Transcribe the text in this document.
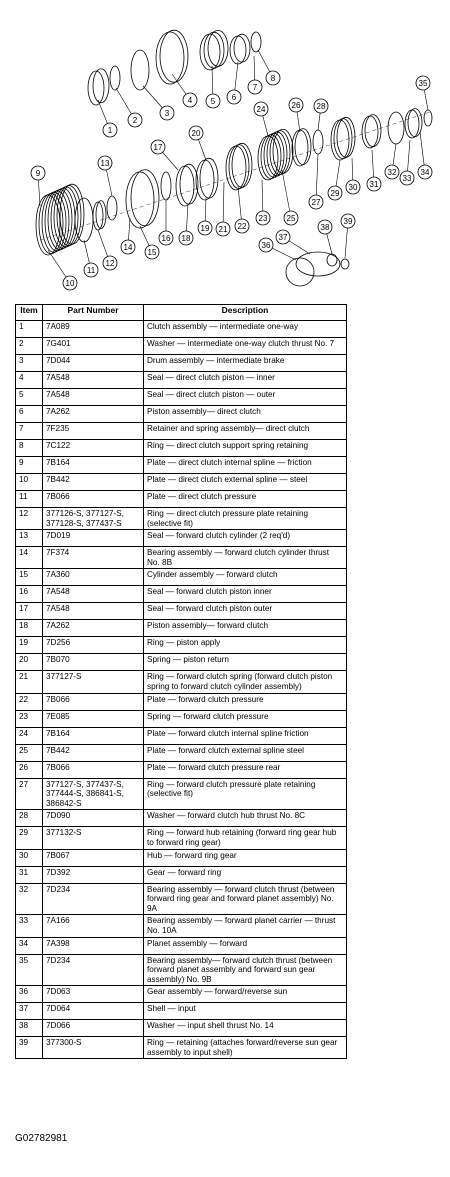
1
2
3
4 5 6
7
8
9
10
11
12
13
14
15
16
17
18
19
20
21 22
23
24
25
26
27
28
29
30 31
32
33
34
35
36
37
38
39
Item	Part Number	Description
1	7A089	Clutch assembly — intermediate one-way
2	7G401	Washer — intermediate one-way clutch thrust No. 7
3	7D044	Drum assembly — intermediate brake
4	7A548	Seal — direct clutch piston — inner
5	7A548	Seal — direct clutch piston — outer
6	7A262	Piston assembly— direct clutch
7	7F235	Retainer and spring assembly— direct clutch
8	7C122	Ring — direct clutch support spring retaining
9	7B164	Plate — direct clutch internal spline — friction
10	7B442	Plate — direct clutch external spline — steel
11	7B066	Plate — direct clutch pressure
12	377126-S, 377127-S, 377128-S, 377437-S	Ring — direct clutch pressure plate retaining (selective fit)
13	7D019	Seal — forward clutch cylinder (2 req'd)
14	7F374	Bearing assembly — forward clutch cylinder thrust No. 8B
15	7A360	Cylinder assembly — forward clutch
16	7A548	Seal — forward clutch piston inner
17	7A548	Seal — forward clutch piston outer
18	7A262	Piston assembly— forward clutch
19	7D256	Ring — piston apply
20	7B070	Spring — piston return
21	377127-S	Ring — forward clutch spring (forward clutch piston spring to forward clutch cylinder assembly)
22	7B066	Plate — forward clutch pressure
23	7E085	Spring — forward clutch pressure
24	7B164	Plate — forward clutch internal spline friction
25	7B442	Plate — forward clutch external spline steel
26	7B066	Plate — forward clutch pressure rear
27	377127-S, 377437-S, 377444-S, 386841-S, 386842-S	Ring — forward clutch pressure plate retaining (selective fit)
28	7D090	Washer — forward clutch hub thrust No. 8C
29	377132-S	Ring — forward hub retaining (forward ring gear hub to forward ring gear)
30	7B067	Hub — forward ring gear
31	7D392	Gear — forward ring
32	7D234	Bearing assembly — forward clutch thrust (between forward ring gear and forward planet assembly) No. 9A
33	7A166	Bearing assembly — forward planet carrier — thrust No. 10A
34	7A398	Planet assembly — forward
35	7D234	Bearing assembly— forward clutch thrust (between forward planet assembly and forward sun gear assembly) No. 9B
36	7D063	Gear assembly — forward/reverse sun
37	7D064	Shell — input
38	7D066	Washer — input shell thrust No. 14
39	377300-S	Ring — retaining (attaches forward/reverse sun gear assembly to input shell)
G02782981
